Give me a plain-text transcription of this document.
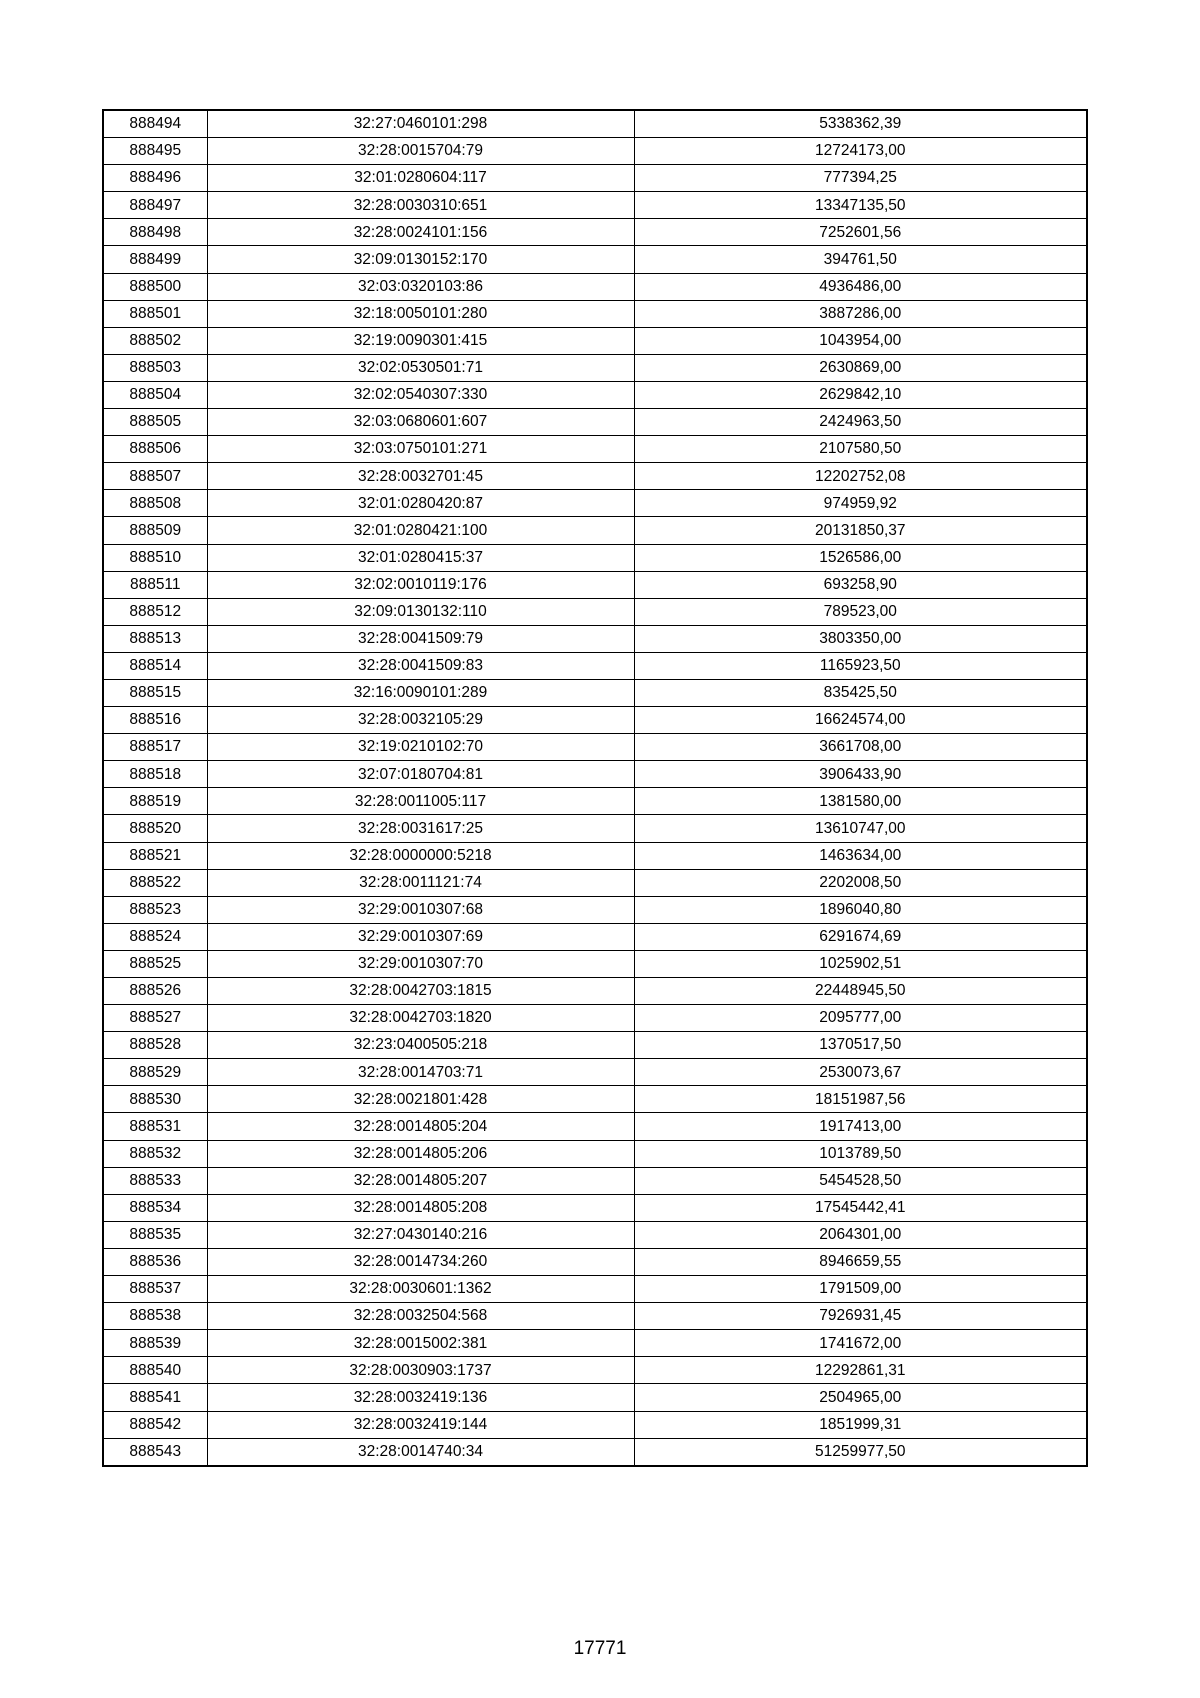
888494	32:27:0460101:298	5338362,39
888495	32:28:0015704:79	12724173,00
888496	32:01:0280604:117	777394,25
888497	32:28:0030310:651	13347135,50
888498	32:28:0024101:156	7252601,56
888499	32:09:0130152:170	394761,50
888500	32:03:0320103:86	4936486,00
888501	32:18:0050101:280	3887286,00
888502	32:19:0090301:415	1043954,00
888503	32:02:0530501:71	2630869,00
888504	32:02:0540307:330	2629842,10
888505	32:03:0680601:607	2424963,50
888506	32:03:0750101:271	2107580,50
888507	32:28:0032701:45	12202752,08
888508	32:01:0280420:87	974959,92
888509	32:01:0280421:100	20131850,37
888510	32:01:0280415:37	1526586,00
888511	32:02:0010119:176	693258,90
888512	32:09:0130132:110	789523,00
888513	32:28:0041509:79	3803350,00
888514	32:28:0041509:83	1165923,50
888515	32:16:0090101:289	835425,50
888516	32:28:0032105:29	16624574,00
888517	32:19:0210102:70	3661708,00
888518	32:07:0180704:81	3906433,90
888519	32:28:0011005:117	1381580,00
888520	32:28:0031617:25	13610747,00
888521	32:28:0000000:5218	1463634,00
888522	32:28:0011121:74	2202008,50
888523	32:29:0010307:68	1896040,80
888524	32:29:0010307:69	6291674,69
888525	32:29:0010307:70	1025902,51
888526	32:28:0042703:1815	22448945,50
888527	32:28:0042703:1820	2095777,00
888528	32:23:0400505:218	1370517,50
888529	32:28:0014703:71	2530073,67
888530	32:28:0021801:428	18151987,56
888531	32:28:0014805:204	1917413,00
888532	32:28:0014805:206	1013789,50
888533	32:28:0014805:207	5454528,50
888534	32:28:0014805:208	17545442,41
888535	32:27:0430140:216	2064301,00
888536	32:28:0014734:260	8946659,55
888537	32:28:0030601:1362	1791509,00
888538	32:28:0032504:568	7926931,45
888539	32:28:0015002:381	1741672,00
888540	32:28:0030903:1737	12292861,31
888541	32:28:0032419:136	2504965,00
888542	32:28:0032419:144	1851999,31
888543	32:28:0014740:34	51259977,50
17771
